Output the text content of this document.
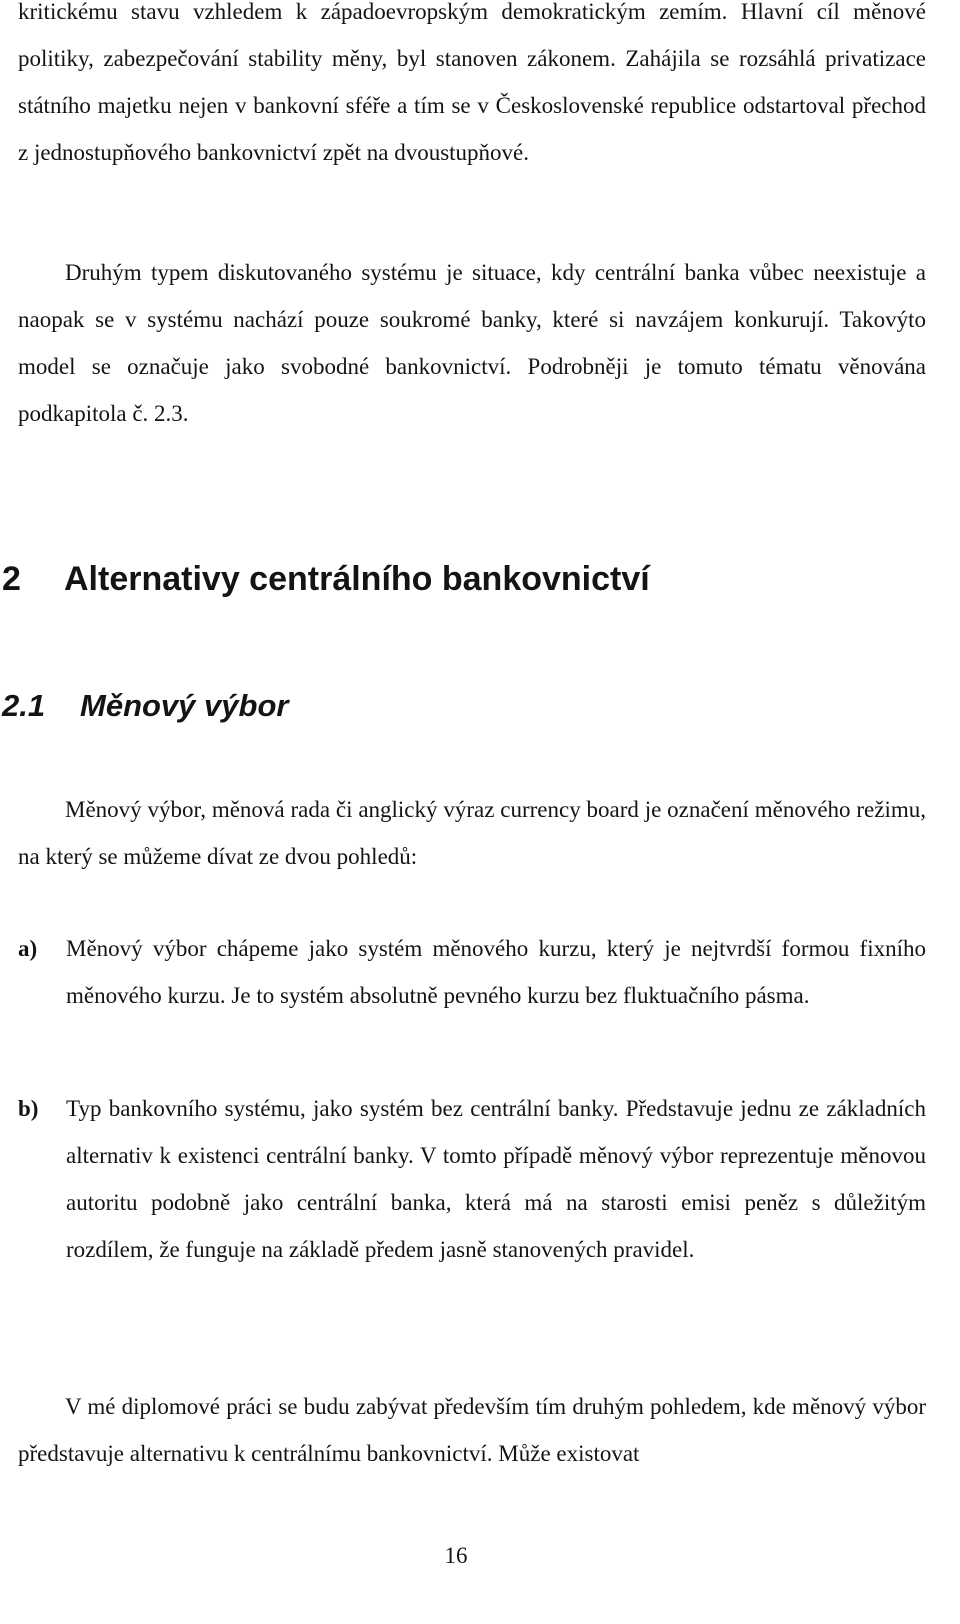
kritickému stavu vzhledem k západoevropským demokratickým zemím. Hlavní cíl měnové politiky, zabezpečování stability měny, byl stanoven zákonem. Zahájila se rozsáhlá privatizace státního majetku nejen v bankovní sféře a tím se v Československé republice odstartoval přechod z jednostupňového bankovnictví zpět na dvoustupňové.

Druhým typem diskutovaného systému je situace, kdy centrální banka vůbec neexistuje a naopak se v systému nachází pouze soukromé banky, které si navzájem konkurují. Takovýto model se označuje jako svobodné bankovnictví. Podrobněji je tomuto tématu věnována podkapitola č. 2.3.

2 Alternativy centrálního bankovnictví
2.1 Měnový výbor

Měnový výbor, měnová rada či anglický výraz currency board je označení měnového režimu, na který se můžeme dívat ze dvou pohledů:

a) Měnový výbor chápeme jako systém měnového kurzu, který je nejtvrdší formou fixního měnového kurzu. Je to systém absolutně pevného kurzu bez fluktuačního pásma.
b) Typ bankovního systému, jako systém bez centrální banky. Představuje jednu ze základních alternativ k existenci centrální banky. V tomto případě měnový výbor reprezentuje měnovou autoritu podobně jako centrální banka, která má na starosti emisi peněz s důležitým rozdílem, že funguje na základě předem jasně stanovených pravidel.

V mé diplomové práci se budu zabývat především tím druhým pohledem, kde měnový výbor představuje alternativu k centrálnímu bankovnictví. Může existovat

16
